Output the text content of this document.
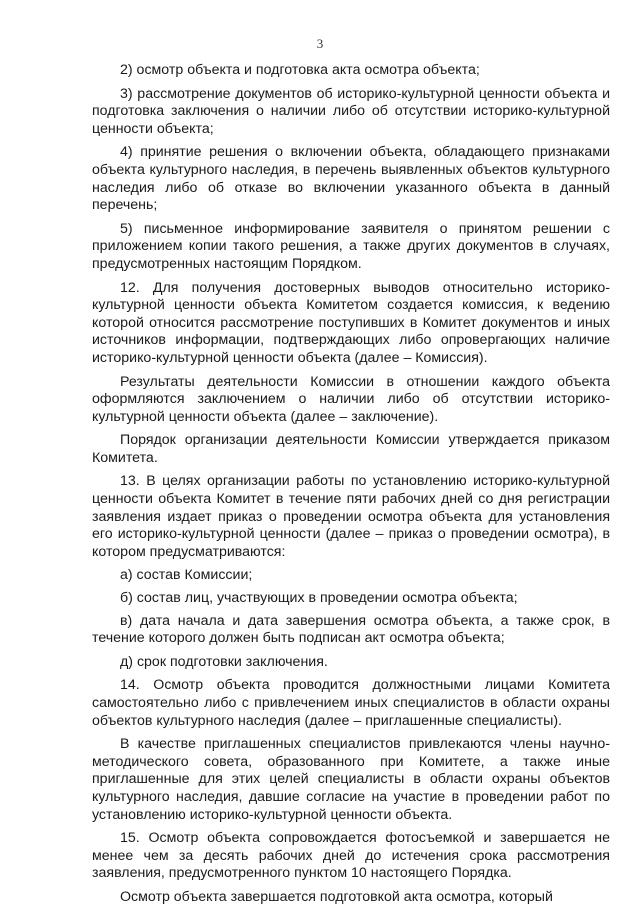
3

2) осмотр объекта и подготовка акта осмотра объекта;

3) рассмотрение документов об историко-культурной ценности объекта и подготовка заключения о наличии либо об отсутствии историко-культурной ценности объекта;

4) принятие решения о включении объекта, обладающего признаками объекта культурного наследия, в перечень выявленных объектов культурного наследия либо об отказе во включении указанного объекта в данный перечень;

5) письменное информирование заявителя о принятом решении с приложением копии такого решения, а также других документов в случаях, предусмотренных настоящим Порядком.

12. Для получения достоверных выводов относительно историко-культурной ценности объекта Комитетом создается комиссия, к ведению которой относится рассмотрение поступивших в Комитет документов и иных источников информации, подтверждающих либо опровергающих наличие историко-культурной ценности объекта (далее – Комиссия).

Результаты деятельности Комиссии в отношении каждого объекта оформляются заключением о наличии либо об отсутствии историко-культурной ценности объекта (далее – заключение).

Порядок организации деятельности Комиссии утверждается приказом Комитета.

13. В целях организации работы по установлению историко-культурной ценности объекта Комитет в течение пяти рабочих дней со дня регистрации заявления издает приказ о проведении осмотра объекта для установления его историко-культурной ценности (далее – приказ о проведении осмотра), в котором предусматриваются:

а) состав Комиссии;

б) состав лиц, участвующих в проведении осмотра объекта;

в) дата начала и дата завершения осмотра объекта, а также срок, в течение которого должен быть подписан акт осмотра объекта;

д) срок подготовки заключения.

14. Осмотр объекта проводится должностными лицами Комитета самостоятельно либо с привлечением иных специалистов в области охраны объектов культурного наследия (далее – приглашенные специалисты).

В качестве приглашенных специалистов привлекаются члены научно-методического совета, образованного при Комитете, а также иные приглашенные для этих целей специалисты в области охраны объектов культурного наследия, давшие согласие на участие в проведении работ по установлению историко-культурной ценности объекта.

15. Осмотр объекта сопровождается фотосъемкой и завершается не менее чем за десять рабочих дней до истечения срока рассмотрения заявления, предусмотренного пунктом 10 настоящего Порядка.

Осмотр объекта завершается подготовкой акта осмотра, который
